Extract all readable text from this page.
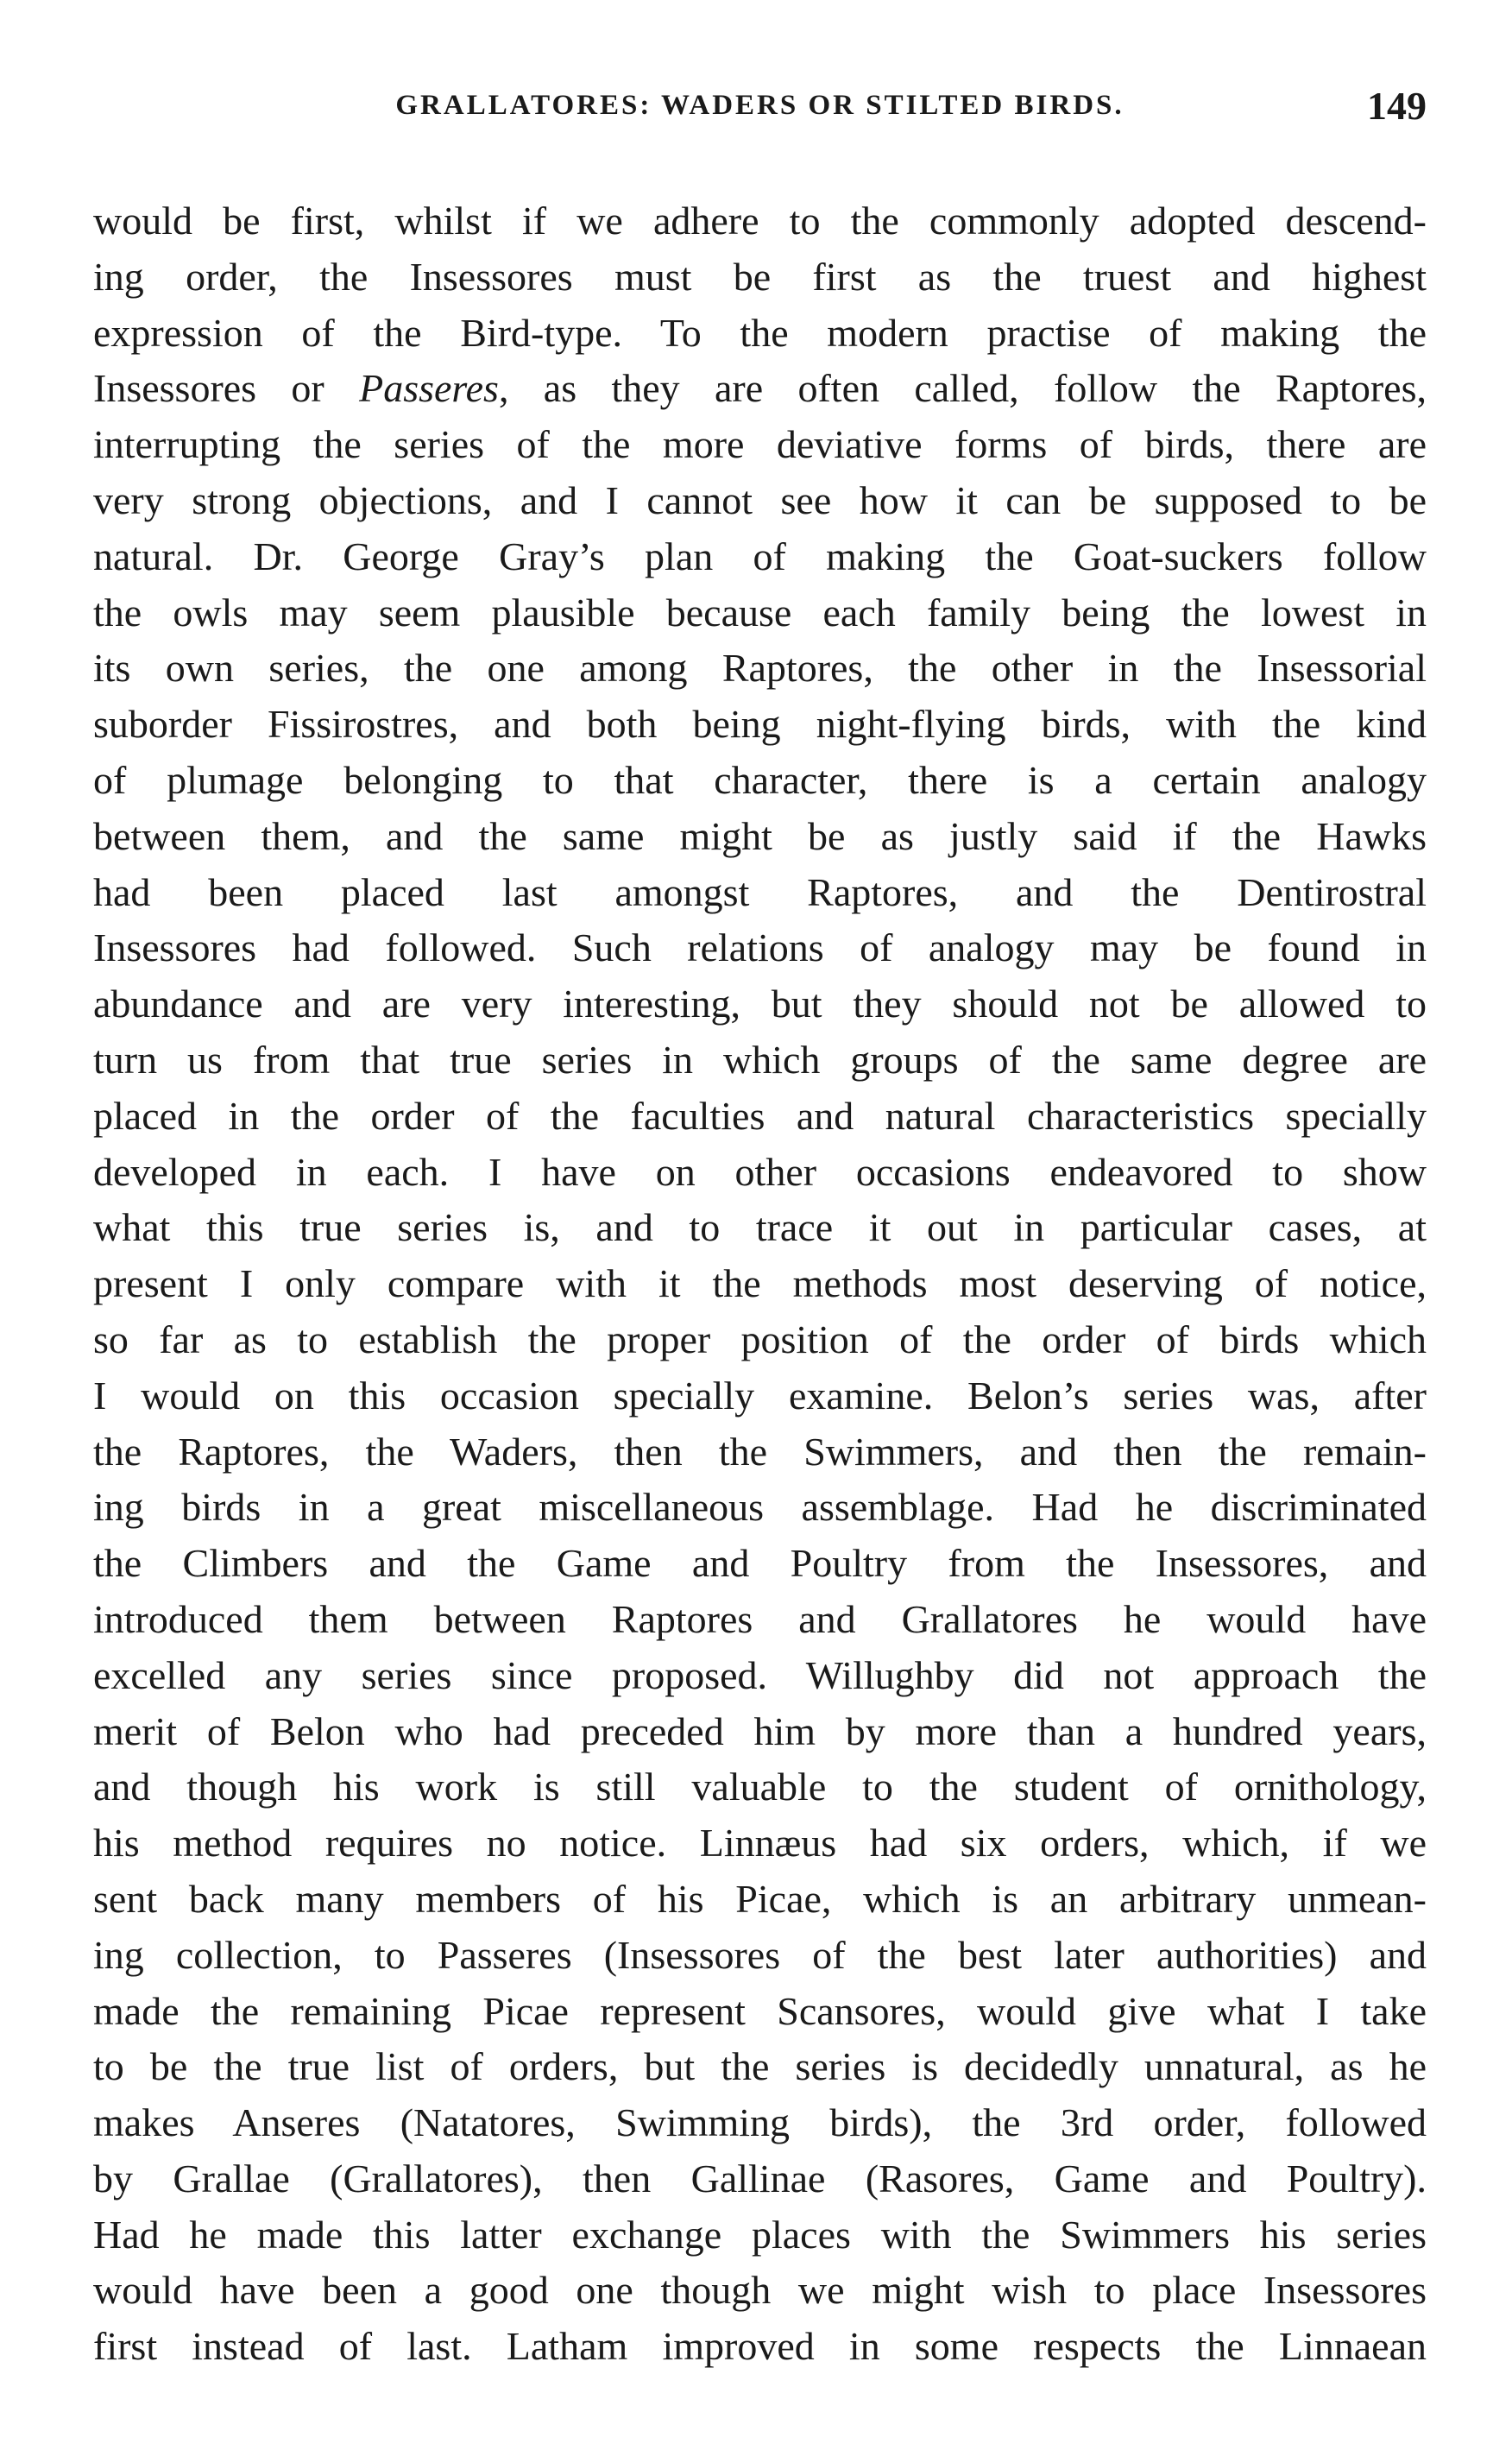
GRALLATORES: WADERS OR STILTED BIRDS.	149
would be first, whilst if we adhere to the commonly adopted descend-
ing order, the Insessores must be first as the truest and highest
expression of the Bird-type. To the modern practise of making the
Insessores or Passeres, as they are often called, follow the Raptores,
interrupting the series of the more deviative forms of birds, there are
very strong objections, and I cannot see how it can be supposed to be
natural. Dr. George Gray’s plan of making the Goat-suckers follow
the owls may seem plausible because each family being the lowest in
its own series, the one among Raptores, the other in the Insessorial
suborder Fissirostres, and both being night-flying birds, with the kind
of plumage belonging to that character, there is a certain analogy
between them, and the same might be as justly said if the Hawks
had been placed last amongst Raptores, and the Dentirostral
Insessores had followed. Such relations of analogy may be found in
abundance and are very interesting, but they should not be allowed to
turn us from that true series in which groups of the same degree are
placed in the order of the faculties and natural characteristics specially
developed in each. I have on other occasions endeavored to show
what this true series is, and to trace it out in particular cases, at
present I only compare with it the methods most deserving of notice,
so far as to establish the proper position of the order of birds which
I would on this occasion specially examine. Belon’s series was, after
the Raptores, the Waders, then the Swimmers, and then the remain-
ing birds in a great miscellaneous assemblage. Had he discriminated
the Climbers and the Game and Poultry from the Insessores, and
introduced them between Raptores and Grallatores he would have
excelled any series since proposed. Willughby did not approach the
merit of Belon who had preceded him by more than a hundred years,
and though his work is still valuable to the student of ornithology,
his method requires no notice. Linnæus had six orders, which, if we
sent back many members of his Picae, which is an arbitrary unmean-
ing collection, to Passeres (Insessores of the best later authorities) and
made the remaining Picae represent Scansores, would give what I take
to be the true list of orders, but the series is decidedly unnatural, as he
makes Anseres (Natatores, Swimming birds), the 3rd order, followed
by Grallae (Grallatores), then Gallinae (Rasores, Game and Poultry).
Had he made this latter exchange places with the Swimmers his series
would have been a good one though we might wish to place Insessores
first instead of last. Latham improved in some respects the Linnaean
